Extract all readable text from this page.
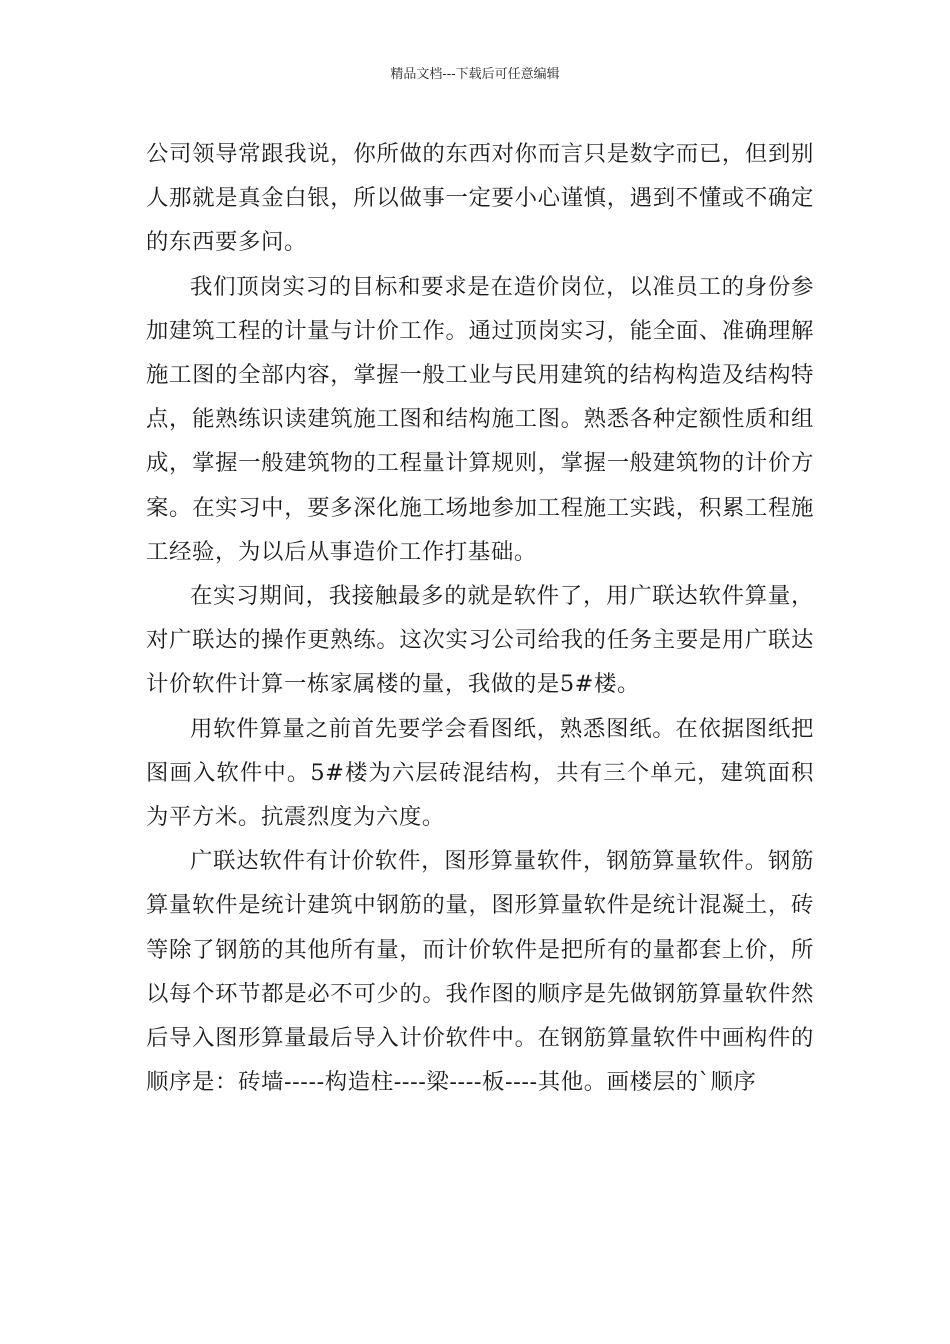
精品文档---下载后可任意编辑

公司领导常跟我说，你所做的东西对你而言只是数字而已，但到别人那就是真金白银，所以做事一定要小心谨慎，遇到不懂或不确定的东西要多问。

我们顶岗实习的目标和要求是在造价岗位，以准员工的身份参加建筑工程的计量与计价工作。通过顶岗实习，能全面、准确理解施工图的全部内容，掌握一般工业与民用建筑的结构构造及结构特点，能熟练识读建筑施工图和结构施工图。熟悉各种定额性质和组成，掌握一般建筑物的工程量计算规则，掌握一般建筑物的计价方案。在实习中，要多深化施工场地参加工程施工实践，积累工程施工经验，为以后从事造价工作打基础。

在实习期间，我接触最多的就是软件了，用广联达软件算量，对广联达的操作更熟练。这次实习公司给我的任务主要是用广联达计价软件计算一栋家属楼的量，我做的是5#楼。

用软件算量之前首先要学会看图纸，熟悉图纸。在依据图纸把图画入软件中。5#楼为六层砖混结构，共有三个单元，建筑面积为平方米。抗震烈度为六度。

广联达软件有计价软件，图形算量软件，钢筋算量软件。钢筋算量软件是统计建筑中钢筋的量，图形算量软件是统计混凝土，砖等除了钢筋的其他所有量，而计价软件是把所有的量都套上价，所以每个环节都是必不可少的。我作图的顺序是先做钢筋算量软件然后导入图形算量最后导入计价软件中。在钢筋算量软件中画构件的顺序是：砖墙-----构造柱----梁----板----其他。画楼层的`顺序
